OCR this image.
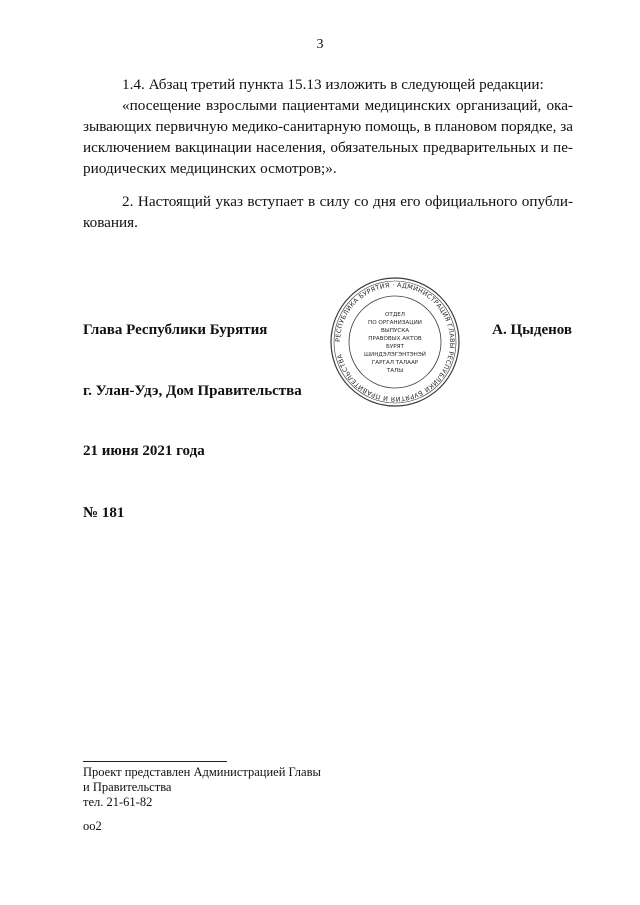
3

1.4. Абзац третий пункта 15.13 изложить в следующей редакции:

«посещение взрослыми пациентами медицинских организаций, ока-зывающих первичную медико-санитарную помощь, в плановом порядке, за исключением вакцинации населения, обязательных предварительных и пе-риодических медицинских осмотров;».

2. Настоящий указ вступает в силу со дня его официального опубли-кования.

Глава Республики Бурятия	А. Цыденов
РЕСПУБЛИКА БУРЯТИЯ · АДМИНИСТРАЦИЯ ГЛАВЫ РЕСПУБЛИКИ БУРЯТИЯ И ПРАВИТЕЛЬСТВА
ОТДЕЛ
ПО ОРГАНИЗАЦИИ
ВЫПУСКА
ПРАВОВЫХ АКТОВ
БУРЯТ
ШИНДЭЛЭГЭНТЭНЭЙ
ГАРГАЛ ТАЛААР
ТАЛЫ
г. Улан-Удэ, Дом Правительства
21 июня 2021 года
№ 181
Проект представлен Администрацией Главы
и Правительства
тел. 21-61-82
оо2
